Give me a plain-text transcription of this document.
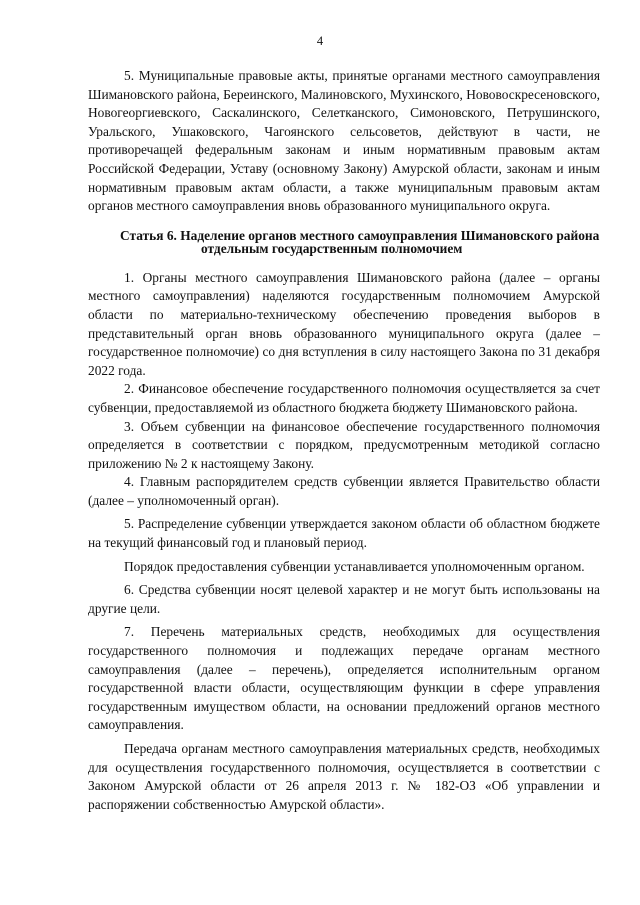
4

5. Муниципальные правовые акты, принятые органами местного самоуправления Шимановского района, Береинского, Малиновского, Мухинского, Нововоскресеновского, Новогеоргиевского, Саскалинского, Селетканского, Симоновского, Петрушинского, Уральского, Ушаковского, Чагоянского сельсоветов, действуют в части, не противоречащей федеральным законам и иным нормативным правовым актам Российской Федерации, Уставу (основному Закону) Амурской области, законам и иным нормативным правовым актам области, а также муниципальным правовым актам органов местного самоуправления вновь образованного муниципального округа.

Статья 6. Наделение органов местного самоуправления Шимановского района отдельным государственным полномочием

1. Органы местного самоуправления Шимановского района (далее – органы местного самоуправления) наделяются государственным полномочием Амурской области по материально-техническому обеспечению проведения выборов в представительный орган вновь образованного муниципального округа (далее – государственное полномочие) со дня вступления в силу настоящего Закона по 31 декабря 2022 года.

2. Финансовое обеспечение государственного полномочия осуществляется за счет субвенции, предоставляемой из областного бюджета бюджету Шимановского района.

3. Объем субвенции на финансовое обеспечение государственного полномочия определяется в соответствии с порядком, предусмотренным методикой согласно приложению № 2 к настоящему Закону.

4. Главным распорядителем средств субвенции является Правительство области (далее – уполномоченный орган).

5. Распределение субвенции утверждается законом области об областном бюджете на текущий финансовый год и плановый период.

Порядок предоставления субвенции устанавливается уполномоченным органом.

6. Средства субвенции носят целевой характер и не могут быть использованы на другие цели.

7. Перечень материальных средств, необходимых для осуществления государственного полномочия и подлежащих передаче органам местного самоуправления (далее – перечень), определяется исполнительным органом государственной власти области, осуществляющим функции в сфере управления государственным имуществом области, на основании предложений органов местного самоуправления.

Передача органам местного самоуправления материальных средств, необходимых для осуществления государственного полномочия, осуществляется в соответствии с Законом Амурской области от 26 апреля 2013 г. № 182-ОЗ «Об управлении и распоряжении собственностью Амурской области».
